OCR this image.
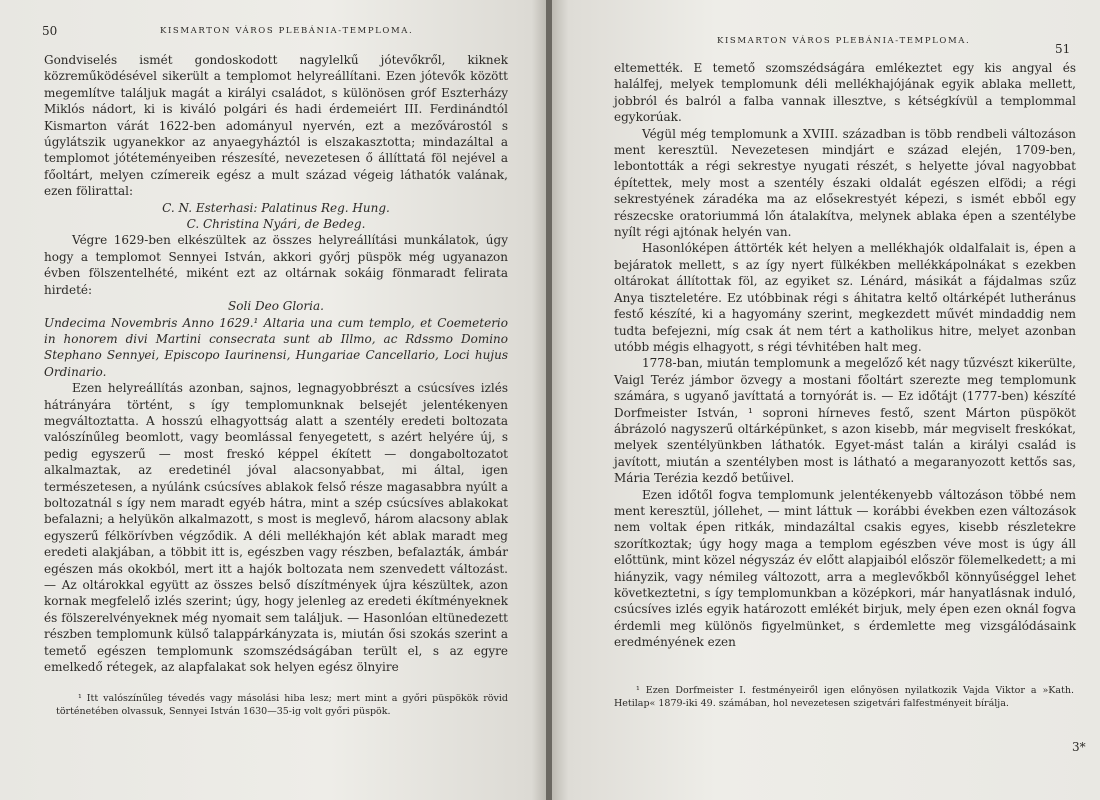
50	KISMARTON VÁROS PLEBÁNIA-TEMPLOMA.

Gondviselés ismét gondoskodott nagylelkű jótevőkről, kiknek közreműködésével sikerült a templomot helyreállítani. Ezen jótevők között megemlítve találjuk magát a királyi családot, s különösen gróf Eszterházy Miklós nádort, ki is kiváló polgári és hadi érdemeiért III. Ferdinándtól Kismarton várát 1622-ben adományul nyervén, ezt a mezővárostól s úgylátszik ugyanekkor az anyaegyháztól is elszakasztotta; mindazáltal a templomot jótéteményeiben részesíté, nevezetesen ő állíttatá föl nejével a főoltárt, melyen czímereik egész a mult század végeig láthatók valának, ezen fölirattal:

C. N. Esterhasi: Palatinus Reg. Hung.

C. Christina Nyári, de Bedeg.

Végre 1629-ben elkészültek az összes helyreállítási munkálatok, úgy hogy a templomot Sennyei István, akkori győrj püspök még ugyanazon évben fölszentelhété, miként ezt az oltárnak sokáig fönmaradt felirata hirdeté:

Soli Deo Gloria.

Undecima Novembris Anno 1629.¹ Altaria una cum templo, et Coemeterio in honorem divi Martini consecrata sunt ab Illmo, ac Rdssmo Domino Stephano Sennyei, Episcopo Iaurinensi, Hungariae Cancellario, Loci hujus Ordinario.

Ezen helyreállítás azonban, sajnos, legnagyobbrészt a csúcsíves izlés hátrányára történt, s így templomunknak belsejét jelentékenyen megváltoztatta. A hosszú elhagyottság alatt a szentély eredeti boltozata valószínűleg beomlott, vagy beomlással fenyegetett, s azért helyére új, s pedig egyszerű — most freskó képpel ékített — dongaboltozatot alkalmaztak, az eredetinél jóval alacsonyabbat, mi által, igen természetesen, a nyúlánk csúcsíves ablakok felső része magasabbra nyúlt a boltozatnál s így nem maradt egyéb hátra, mint a szép csúcsíves ablakokat befalazni; a helyükön alkalmazott, s most is meglevő, három alacsony ablak egyszerű félkörívben végződik. A déli mellékhajón két ablak maradt meg eredeti alakjában, a többit itt is, egészben vagy részben, befalazták, ámbár egészen más okokból, mert itt a hajók boltozata nem szenvedett változást. — Az oltárokkal együtt az összes belső díszítmények újra készültek, azon kornak megfelelő izlés szerint; úgy, hogy jelenleg az eredeti ékítményeknek és fölszerelvényeknek még nyomait sem találjuk. — Hasonlóan eltünedezett részben templomunk külső talappárkányzata is, miután ősi szokás szerint a temető egészen templomunk szomszédságában terült el, s az egyre emelkedő rétegek, az alapfalakat sok helyen egész ölnyire

¹ Itt valószínűleg tévedés vagy másolási hiba lesz; mert mint a győri püspökök rövid történetében olvassuk, Sennyei István 1630—35-ig volt győri püspök.

KISMARTON VÁROS PLEBÁNIA-TEMPLOMA.
51

eltemették. E temető szomszédságára emlékeztet egy kis angyal és halálfej, melyek templomunk déli mellékhajójának egyik ablaka mellett, jobbról és balról a falba vannak illesztve, s kétségkívül a templommal egykorúak.

Végül még templomunk a XVIII. században is több rendbeli változáson ment keresztül. Nevezetesen mindjárt e század elején, 1709-ben, lebontották a régi sekrestye nyugati részét, s helyette jóval nagyobbat építettek, mely most a szentély északi oldalát egészen elfödi; a régi sekrestyének záradéka ma az elősekrestyét képezi, s ismét ebből egy részecske oratoriummá lőn átalakítva, melynek ablaka épen a szentélybe nyílt régi ajtónak helyén van.

Hasonlóképen áttörték két helyen a mellékhajók oldalfalait is, épen a bejáratok mellett, s az így nyert fülkékben mellékkápolnákat s ezekben oltárokat állítottak föl, az egyiket sz. Lénárd, másikát a fájdalmas szűz Anya tiszteletére. Ez utóbbinak régi s áhitatra keltő oltárképét lutheránus festő készíté, ki a hagyomány szerint, megkezdett művét mindaddig nem tudta befejezni, míg csak át nem tért a katholikus hitre, melyet azonban utóbb mégis elhagyott, s régi tévhitében halt meg.

1778-ban, miután templomunk a megelőző két nagy tűzvészt kikerülte, Vaigl Teréz jámbor özvegy a mostani főoltárt szerezte meg templomunk számára, s ugyanő javíttatá a tornyórát is. — Ez időtájt (1777-ben) készíté Dorfmeister István, ¹ soproni hírneves festő, szent Márton püspököt ábrázoló nagyszerű oltárképünket, s azon kisebb, már megviselt freskókat, melyek szentélyünkben láthatók. Egyet-mást talán a királyi család is javított, miután a szentélyben most is látható a megaranyozott kettős sas, Mária Terézia kezdő betűivel.

Ezen időtől fogva templomunk jelentékenyebb változáson többé nem ment keresztül, jóllehet, — mint láttuk — korábbi években ezen változások nem voltak épen ritkák, mindazáltal csakis egyes, kisebb részletekre szorítkoztak; úgy hogy maga a templom egészben véve most is úgy áll előttünk, mint közel négyszáz év előtt alapjaiból először fölemelkedett; a mi hiányzik, vagy némileg változott, arra a meglevőkből könnyűséggel lehet következtetni, s így templomunkban a középkori, már hanyatlásnak induló, csúcsíves izlés egyik határozott emlékét birjuk, mely épen ezen oknál fogva érdemli meg különös figyelmünket, s érdemlette meg vizsgálódásaink eredményének ezen

¹ Ezen Dorfmeister I. festményeiről igen előnyösen nyilatkozik Vajda Viktor a »Kath. Hetilap« 1879-iki 49. számában, hol nevezetesen szigetvári falfestményeit bírálja.

3*
